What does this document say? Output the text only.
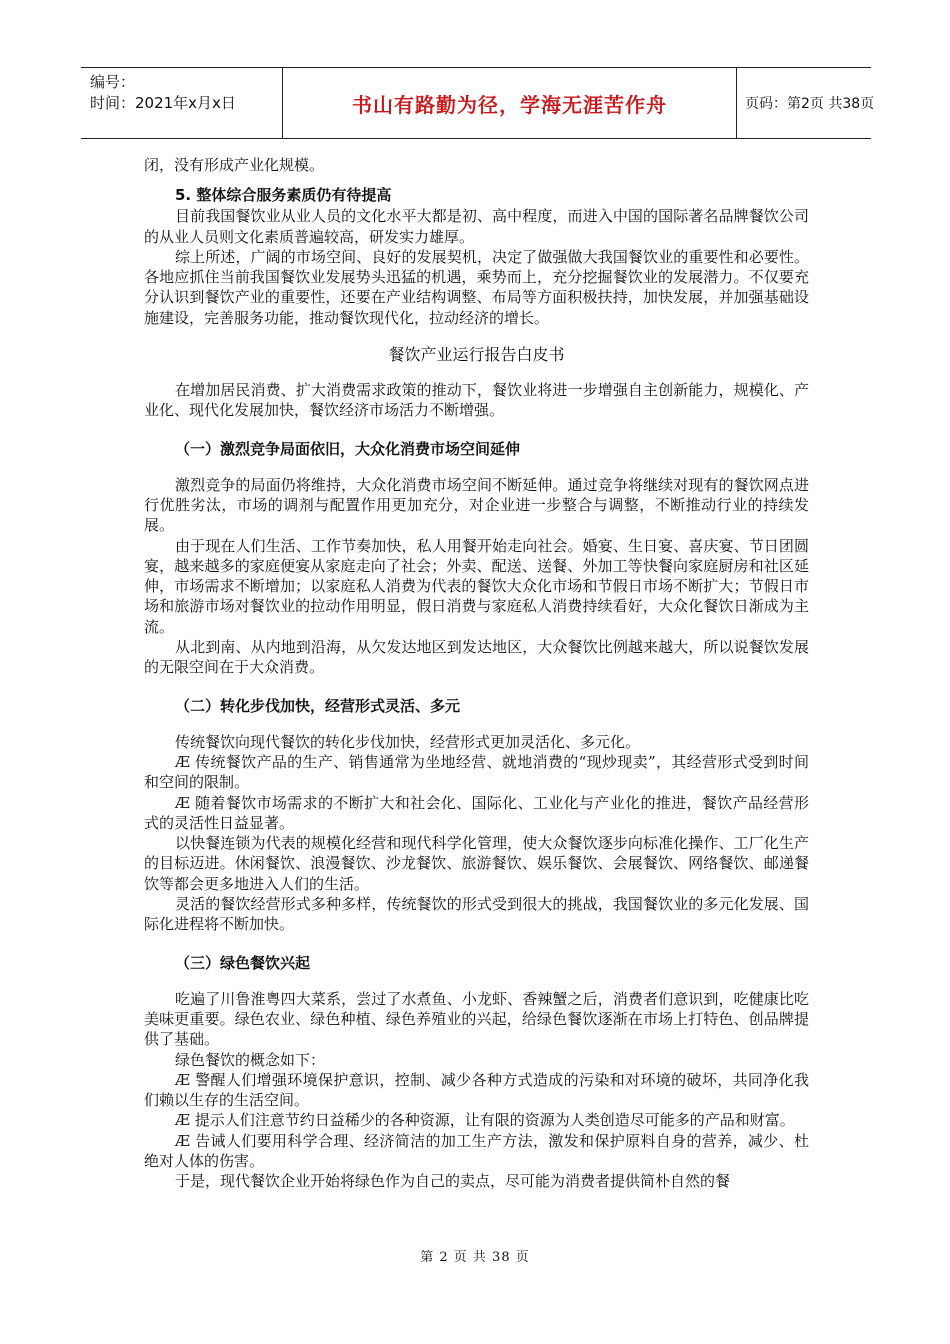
编号：
时间：2021年x月x日	书山有路勤为径，学海无涯苦作舟	页码：第2页 共38页

闭，没有形成产业化规模。

5. 整体综合服务素质仍有待提高

目前我国餐饮业从业人员的文化水平大都是初、高中程度，而进入中国的国际著名品牌餐饮公司的从业人员则文化素质普遍较高，研发实力雄厚。

综上所述，广阔的市场空间、良好的发展契机，决定了做强做大我国餐饮业的重要性和必要性。各地应抓住当前我国餐饮业发展势头迅猛的机遇，乘势而上，充分挖掘餐饮业的发展潜力。不仅要充分认识到餐饮产业的重要性，还要在产业结构调整、布局等方面积极扶持，加快发展，并加强基础设施建设，完善服务功能，推动餐饮现代化，拉动经济的增长。

餐饮产业运行报告白皮书

在增加居民消费、扩大消费需求政策的推动下，餐饮业将进一步增强自主创新能力，规模化、产业化、现代化发展加快，餐饮经济市场活力不断增强。

（一）激烈竞争局面依旧，大众化消费市场空间延伸

激烈竞争的局面仍将维持，大众化消费市场空间不断延伸。通过竞争将继续对现有的餐饮网点进行优胜劣汰，市场的调剂与配置作用更加充分，对企业进一步整合与调整，不断推动行业的持续发展。

由于现在人们生活、工作节奏加快，私人用餐开始走向社会。婚宴、生日宴、喜庆宴、节日团圆宴，越来越多的家庭便宴从家庭走向了社会；外卖、配送、送餐、外加工等快餐向家庭厨房和社区延伸，市场需求不断增加；以家庭私人消费为代表的餐饮大众化市场和节假日市场不断扩大；节假日市场和旅游市场对餐饮业的拉动作用明显，假日消费与家庭私人消费持续看好，大众化餐饮日渐成为主流。

从北到南、从内地到沿海，从欠发达地区到发达地区，大众餐饮比例越来越大，所以说餐饮发展的无限空间在于大众消费。

（二）转化步伐加快，经营形式灵活、多元

传统餐饮向现代餐饮的转化步伐加快，经营形式更加灵活化、多元化。

Æ 传统餐饮产品的生产、销售通常为坐地经营、就地消费的“现炒现卖”，其经营形式受到时间和空间的限制。

Æ 随着餐饮市场需求的不断扩大和社会化、国际化、工业化与产业化的推进，餐饮产品经营形式的灵活性日益显著。

以快餐连锁为代表的规模化经营和现代科学化管理，使大众餐饮逐步向标准化操作、工厂化生产的目标迈进。休闲餐饮、浪漫餐饮、沙龙餐饮、旅游餐饮、娱乐餐饮、会展餐饮、网络餐饮、邮递餐饮等都会更多地进入人们的生活。

灵活的餐饮经营形式多种多样，传统餐饮的形式受到很大的挑战，我国餐饮业的多元化发展、国际化进程将不断加快。

（三）绿色餐饮兴起

吃遍了川鲁淮粤四大菜系，尝过了水煮鱼、小龙虾、香辣蟹之后，消费者们意识到，吃健康比吃美味更重要。绿色农业、绿色种植、绿色养殖业的兴起，给绿色餐饮逐渐在市场上打特色、创品牌提供了基础。

绿色餐饮的概念如下：

Æ 警醒人们增强环境保护意识，控制、减少各种方式造成的污染和对环境的破坏，共同净化我们赖以生存的生活空间。

Æ 提示人们注意节约日益稀少的各种资源，让有限的资源为人类创造尽可能多的产品和财富。

Æ 告诫人们要用科学合理、经济简洁的加工生产方法，激发和保护原料自身的营养，减少、杜绝对人体的伤害。

于是，现代餐饮企业开始将绿色作为自己的卖点，尽可能为消费者提供简朴自然的餐

第 2 页 共 38 页
